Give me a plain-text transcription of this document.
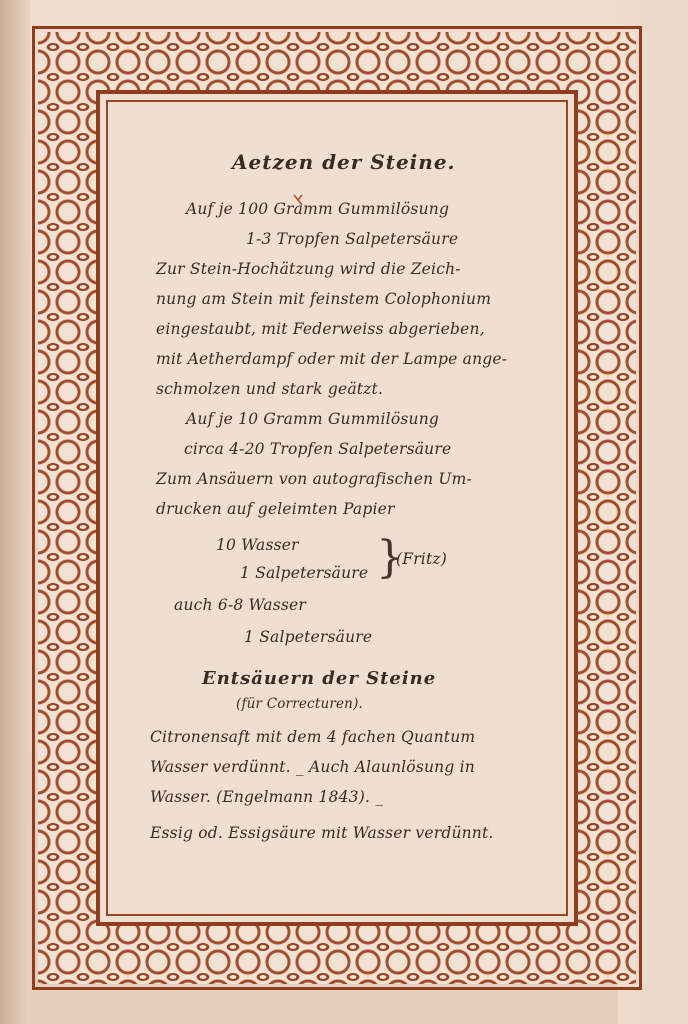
Aetzen der Steine.
Auf je 100 Gramm Gummilösung
1-3 Tropfen Salpetersäure
Zur Stein-Hochätzung wird die Zeich-
nung am Stein mit feinstem Colophonium
eingestaubt, mit Federweiss abgerieben,
mit Aetherdampf oder mit der Lampe ange-
schmolzen und stark geätzt.
Auf je 10 Gramm Gummilösung
circa 4-20 Tropfen Salpetersäure
Zum Ansäuern von autografischen Um-
drucken auf geleimten Papier
10 Wasser
1 Salpetersäure }
(Fritz)
auch 6-8 Wasser
1 Salpetersäure
Entsäuern der Steine
(für Correcturen).
Citronensaft mit dem 4 fachen Quantum
Wasser verdünnt. _ Auch Alaunlösung in
Wasser. (Engelmann 1843). _
Essig od. Essigsäure mit Wasser verdünnt.
